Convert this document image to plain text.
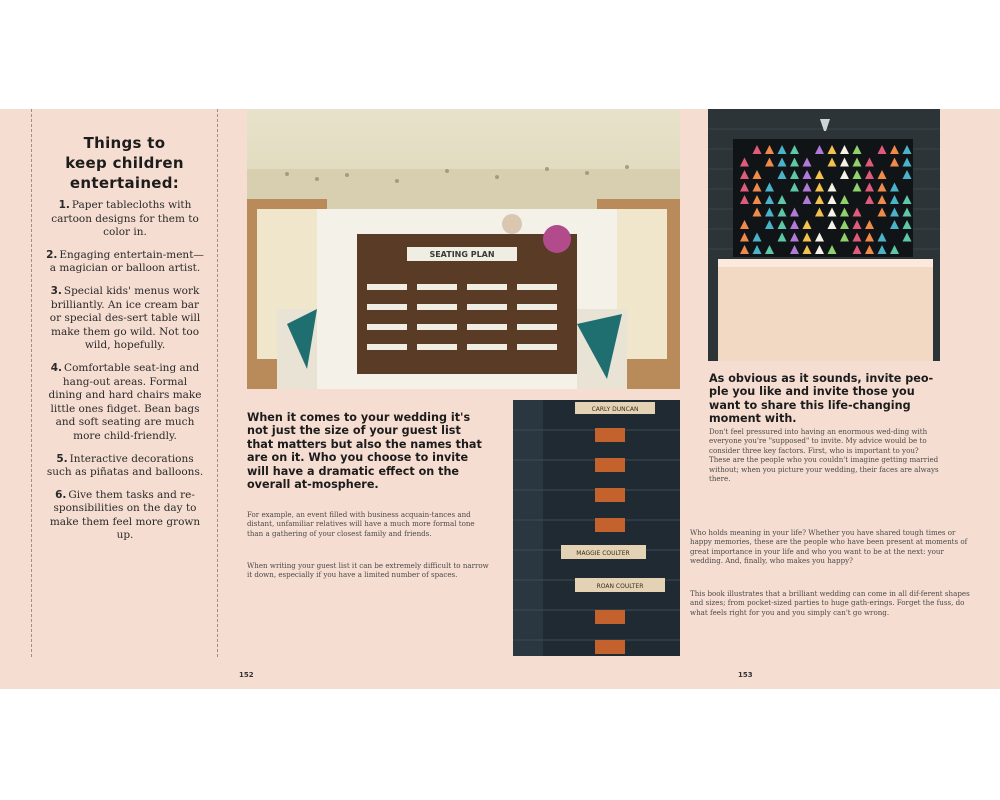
Things to
keep children
entertained:
1. Paper tablecloths with cartoon designs for them to color in.
2. Engaging entertain-ment—a magician or balloon artist.
3. Special kids' menus work brilliantly. An ice cream bar or special des-sert table will make them go wild. Not too wild, hopefully.
4. Comfortable seat-ing and hang-out areas. Formal dining and hard chairs make little ones fidget. Bean bags and soft seating are much more child-friendly.
5. Interactive decorations such as piñatas and balloons.
6. Give them tasks and re-sponsibilities on the day to make them feel more grown up.
SEATING PLAN
CARLY DUNCAN
MAGGIE COULTER
ROAN COULTER

When it comes to your wedding it's not just the size of your guest list that matters but also the names that are on it. Who you choose to invite will have a dramatic effect on the overall at-mosphere.

For example, an event filled with business acquain-tances and distant, unfamiliar relatives will have a much more formal tone than a gathering of your closest family and friends.

When writing your guest list it can be extremely difficult to narrow it down, especially if you have a limited number of spaces.

As obvious as it sounds, invite peo-ple you like and invite those you want to share this life-changing moment with.

Don't feel pressured into having an enormous wed-ding with everyone you're "supposed" to invite. My advice would be to consider three key factors. First, who is important to you? These are the people who you couldn't imagine getting married without; when you picture your wedding, their faces are always there.

Who holds meaning in your life? Whether you have shared tough times or happy memories, these are the people who have been present at moments of great importance in your life and who you want to be at the next: your wedding. And, finally, who makes you happy?

This book illustrates that a brilliant wedding can come in all dif-ferent shapes and sizes; from pocket-sized parties to huge gath-erings. Forget the fuss, do what feels right for you and you simply can't go wrong.

152	153
